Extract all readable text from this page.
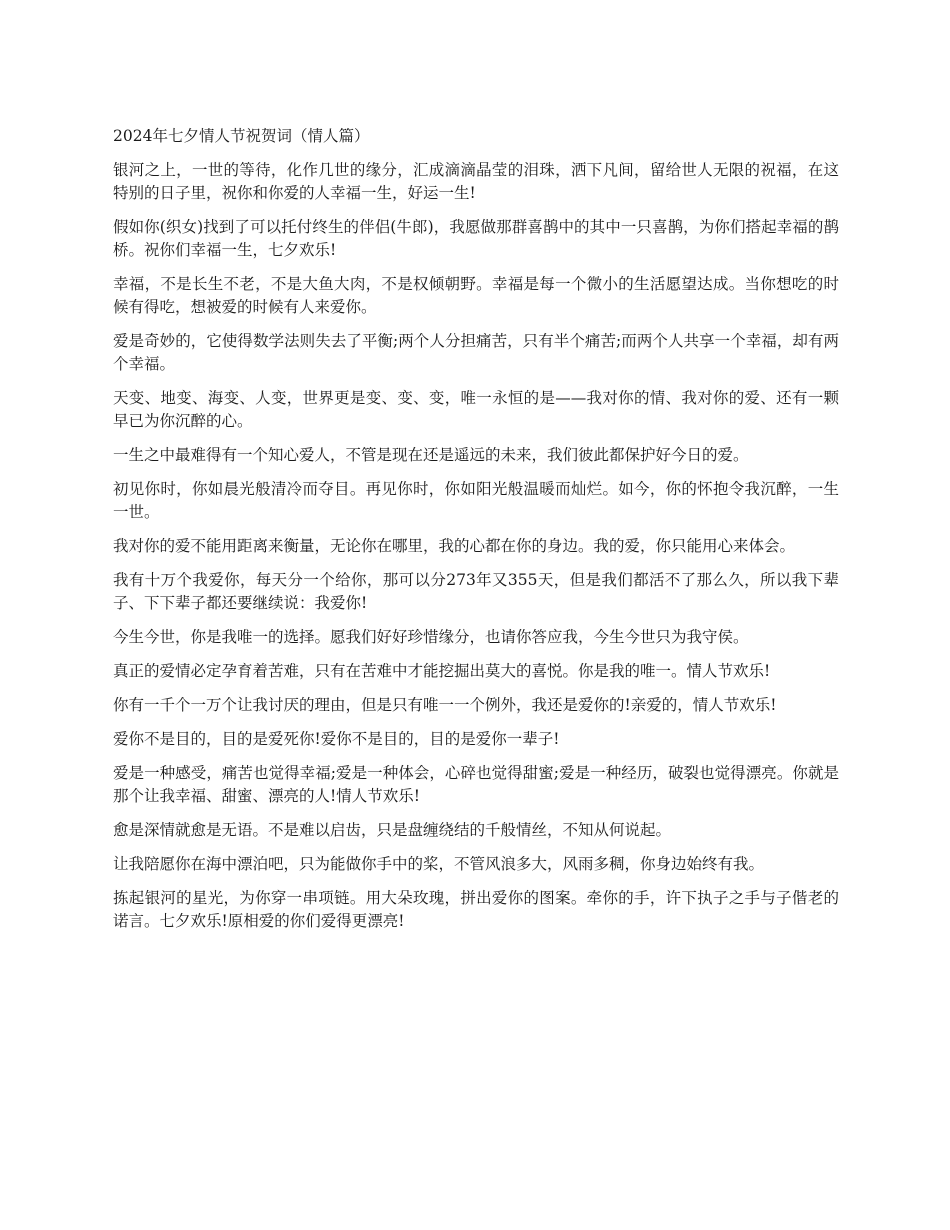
2024年七夕情人节祝贺词（情人篇）

银河之上，一世的等待，化作几世的缘分，汇成滴滴晶莹的泪珠，洒下凡间，留给世人无限的祝福，在这特别的日子里，祝你和你爱的人幸福一生，好运一生!

假如你(织女)找到了可以托付终生的伴侣(牛郎)，我愿做那群喜鹊中的其中一只喜鹊，为你们搭起幸福的鹊桥。祝你们幸福一生，七夕欢乐!

幸福，不是长生不老，不是大鱼大肉，不是权倾朝野。幸福是每一个微小的生活愿望达成。当你想吃的时候有得吃，想被爱的时候有人来爱你。

爱是奇妙的，它使得数学法则失去了平衡;两个人分担痛苦，只有半个痛苦;而两个人共享一个幸福，却有两个幸福。

天变、地变、海变、人变，世界更是变、变、变，唯一永恒的是——我对你的情、我对你的爱、还有一颗早已为你沉醉的心。

一生之中最难得有一个知心爱人，不管是现在还是遥远的未来，我们彼此都保护好今日的爱。

初见你时，你如晨光般清冷而夺目。再见你时，你如阳光般温暖而灿烂。如今，你的怀抱令我沉醉，一生一世。

我对你的爱不能用距离来衡量，无论你在哪里，我的心都在你的身边。我的爱，你只能用心来体会。

我有十万个我爱你，每天分一个给你，那可以分273年又355天，但是我们都活不了那么久，所以我下辈子、下下辈子都还要继续说：我爱你!

今生今世，你是我唯一的选择。愿我们好好珍惜缘分，也请你答应我，今生今世只为我守侯。

真正的爱情必定孕育着苦难，只有在苦难中才能挖掘出莫大的喜悦。你是我的唯一。情人节欢乐!

你有一千个一万个让我讨厌的理由，但是只有唯一一个例外，我还是爱你的!亲爱的，情人节欢乐!

爱你不是目的，目的是爱死你!爱你不是目的，目的是爱你一辈子!

爱是一种感受，痛苦也觉得幸福;爱是一种体会，心碎也觉得甜蜜;爱是一种经历，破裂也觉得漂亮。你就是那个让我幸福、甜蜜、漂亮的人!情人节欢乐!

愈是深情就愈是无语。不是难以启齿，只是盘缠绕结的千般情丝，不知从何说起。

让我陪愿你在海中漂泊吧，只为能做你手中的桨，不管风浪多大，风雨多稠，你身边始终有我。

拣起银河的星光，为你穿一串项链。用大朵玫瑰，拼出爱你的图案。牵你的手，许下执子之手与子偕老的诺言。七夕欢乐!原相爱的你们爱得更漂亮!
